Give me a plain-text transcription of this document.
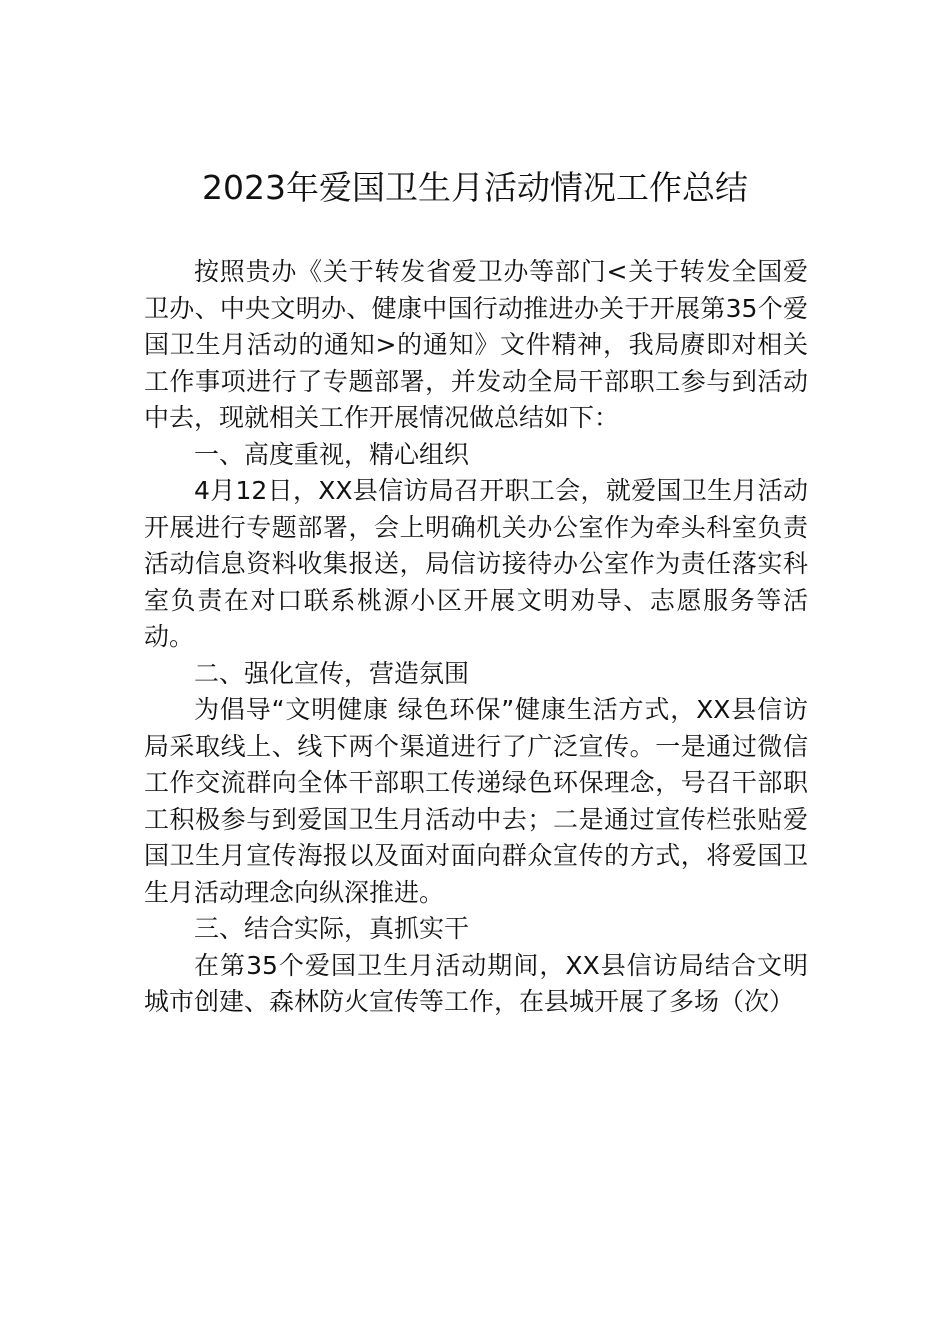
2023年爱国卫生月活动情况工作总结

按照贵办《关于转发省爱卫办等部门<关于转发全国爱卫办、中央文明办、健康中国行动推进办关于开展第35个爱国卫生月活动的通知>的通知》文件精神，我局赓即对相关工作事项进行了专题部署，并发动全局干部职工参与到活动中去，现就相关工作开展情况做总结如下：

一、高度重视，精心组织

4月12日，XX县信访局召开职工会，就爱国卫生月活动开展进行专题部署，会上明确机关办公室作为牵头科室负责活动信息资料收集报送，局信访接待办公室作为责任落实科室负责在对口联系桃源小区开展文明劝导、志愿服务等活动。

二、强化宣传，营造氛围

为倡导“文明健康 绿色环保”健康生活方式，XX县信访局采取线上、线下两个渠道进行了广泛宣传。一是通过微信工作交流群向全体干部职工传递绿色环保理念，号召干部职工积极参与到爱国卫生月活动中去；二是通过宣传栏张贴爱国卫生月宣传海报以及面对面向群众宣传的方式，将爱国卫生月活动理念向纵深推进。

三、结合实际，真抓实干

在第35个爱国卫生月活动期间，XX县信访局结合文明城市创建、森林防火宣传等工作，在县城开展了多场（次）
